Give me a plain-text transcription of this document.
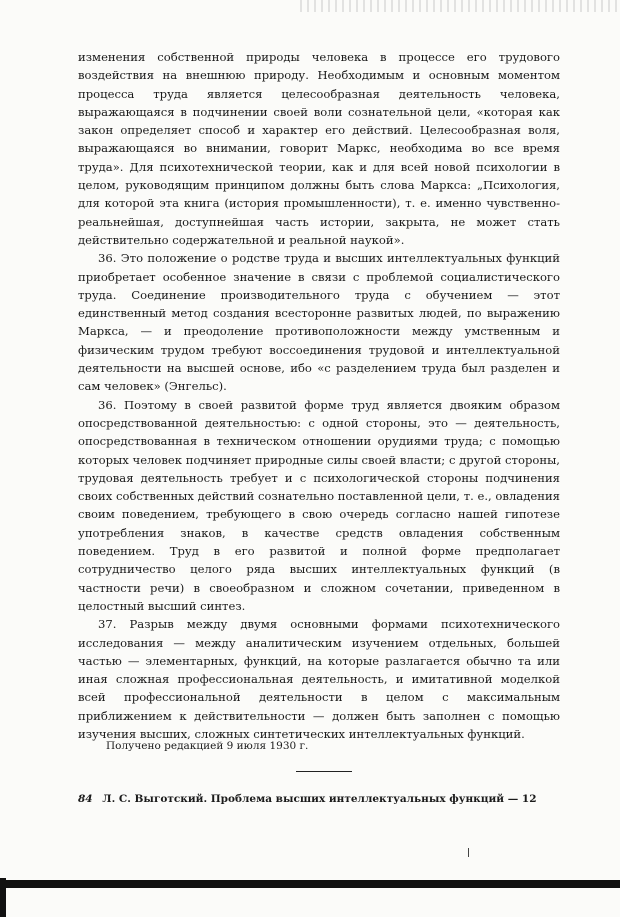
изменения собственной природы человека в процессе его трудового воздействия на внешнюю природу. Необходимым и основным моментом процесса труда является целесообразная деятельность человека, выражающаяся в подчинении своей воли сознательной цели, «которая как закон определяет способ и характер его действий. Целесообразная воля, выражающаяся во внимании, говорит Маркс, необходима во все время труда». Для психотехнической теории, как и для всей новой психологии в целом, руководящим принципом должны быть слова Маркса: „Психология, для которой эта книга (история промышленности), т. е. именно чувственно-реальнейшая, доступнейшая часть истории, закрыта, не может стать действительно содержательной и реальной наукой».

36. Это положение о родстве труда и высших интеллектуальных функций приобретает особенное значение в связи с проблемой социалистического труда. Соединение производительного труда с обучением — этот единственный метод создания всесторонне развитых людей, по выражению Маркса, — и преодоление противоположности между умственным и физическим трудом требуют воссоединения трудовой и интеллектуальной деятельности на высшей основе, ибо «с разделением труда был разделен и сам человек» (Энгельс).

36. Поэтому в своей развитой форме труд является двояким образом опосредствованной деятельностью: с одной стороны, это — деятельность, опосредствованная в техническом отношении орудиями труда; с помощью которых человек подчиняет природные силы своей власти; с другой стороны, трудовая деятельность требует и с психологической стороны подчинения своих собственных действий сознательно поставленной цели, т. е., овладения своим поведением, требующего в свою очередь согласно нашей гипотезе употребления знаков, в качестве средств овладения собственным поведением. Труд в его развитой и полной форме предполагает сотрудничество целого ряда высших интеллектуальных функций (в частности речи) в своеобразном и сложном сочетании, приведенном в целостный высший синтез.

37. Разрыв между двумя основными формами психотехнического исследования — между аналитическим изучением отдельных, большей частью — элементарных, функций, на которые разлагается обычно та или иная сложная профессиональная деятельность, и имитативной моделкой всей профессиональной деятельности в целом с максимальным приближением к действительности — должен быть заполнен с помощью изучения высших, сложных синтетических интеллектуальных функций.

Получено редакцией 9 июля 1930 г.
84 Л. С. Выготский. Проблема высших интеллектуальных функций — 12
